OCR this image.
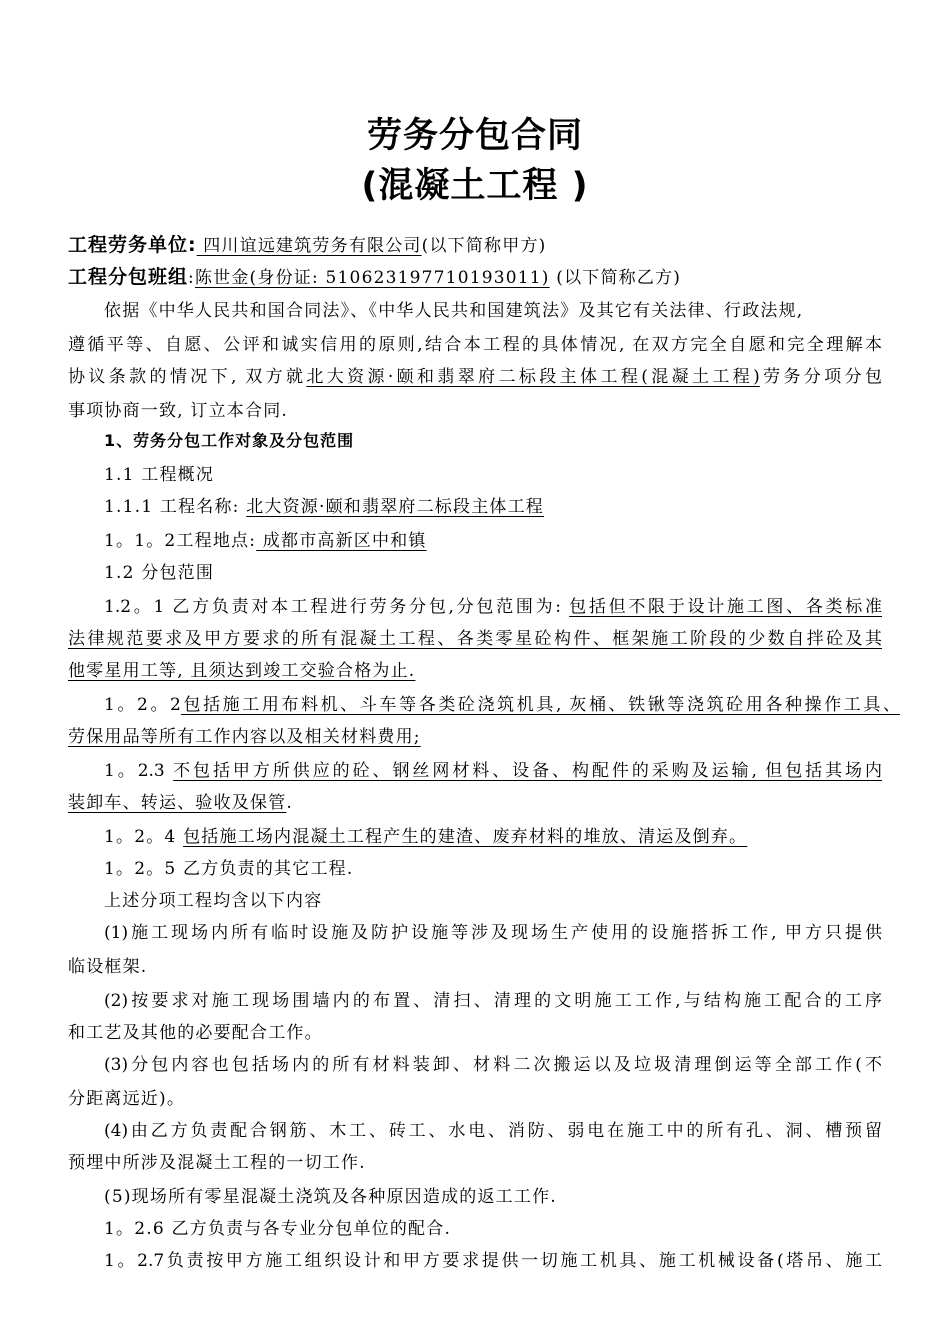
劳务分包合同
(混凝土工程 )
工程劳务单位: 四川谊远建筑劳务有限公司(以下简称甲方)
工程分包班组:陈世金(身份证: 510623197710193011) (以下简称乙方)
依据《中华人民共和国合同法》、《中华人民共和国建筑法》及其它有关法律、行政法规,
遵循平等、自愿、公评和诚实信用的原则,结合本工程的具体情况, 在双方完全自愿和完全理解本
协议条款的情况下, 双方就北大资源·颐和翡翠府二标段主体工程(混凝土工程)劳务分项分包
事项协商一致, 订立本合同.
1、劳务分包工作对象及分包范围
1.1 工程概况
1.1.1 工程名称: 北大资源·颐和翡翠府二标段主体工程
1。1。2工程地点: 成都市高新区中和镇
1.2 分包范围
1.2。1 乙方负责对本工程进行劳务分包,分包范围为: 包括但不限于设计施工图、各类标准
法律规范要求及甲方要求的所有混凝土工程、各类零星砼构件、框架施工阶段的少数自拌砼及其
他零星用工等, 且须达到竣工交验合格为止.
1。2。2包括施工用布料机、斗车等各类砼浇筑机具, 灰桶、铁锹等浇筑砼用各种操作工具、
劳保用品等所有工作内容以及相关材料费用;
1。2.3 不包括甲方所供应的砼、钢丝网材料、设备、构配件的采购及运输, 但包括其场内
装卸车、转运、验收及保管.
1。2。4 包括施工场内混凝土工程产生的建渣、废弃材料的堆放、清运及倒弃。
1。2。5 乙方负责的其它工程.
上述分项工程均含以下内容
(1)施工现场内所有临时设施及防护设施等涉及现场生产使用的设施搭拆工作, 甲方只提供
临设框架.
(2)按要求对施工现场围墙内的布置、清扫、清理的文明施工工作,与结构施工配合的工序
和工艺及其他的必要配合工作。
(3)分包内容也包括场内的所有材料装卸、材料二次搬运以及垃圾清理倒运等全部工作(不
分距离远近)。
(4)由乙方负责配合钢筋、木工、砖工、水电、消防、弱电在施工中的所有孔、洞、槽预留
预埋中所涉及混凝土工程的一切工作.
(5)现场所有零星混凝土浇筑及各种原因造成的返工工作.
1。2.6 乙方负责与各专业分包单位的配合.
1。2.7负责按甲方施工组织设计和甲方要求提供一切施工机具、施工机械设备(塔吊、施工
